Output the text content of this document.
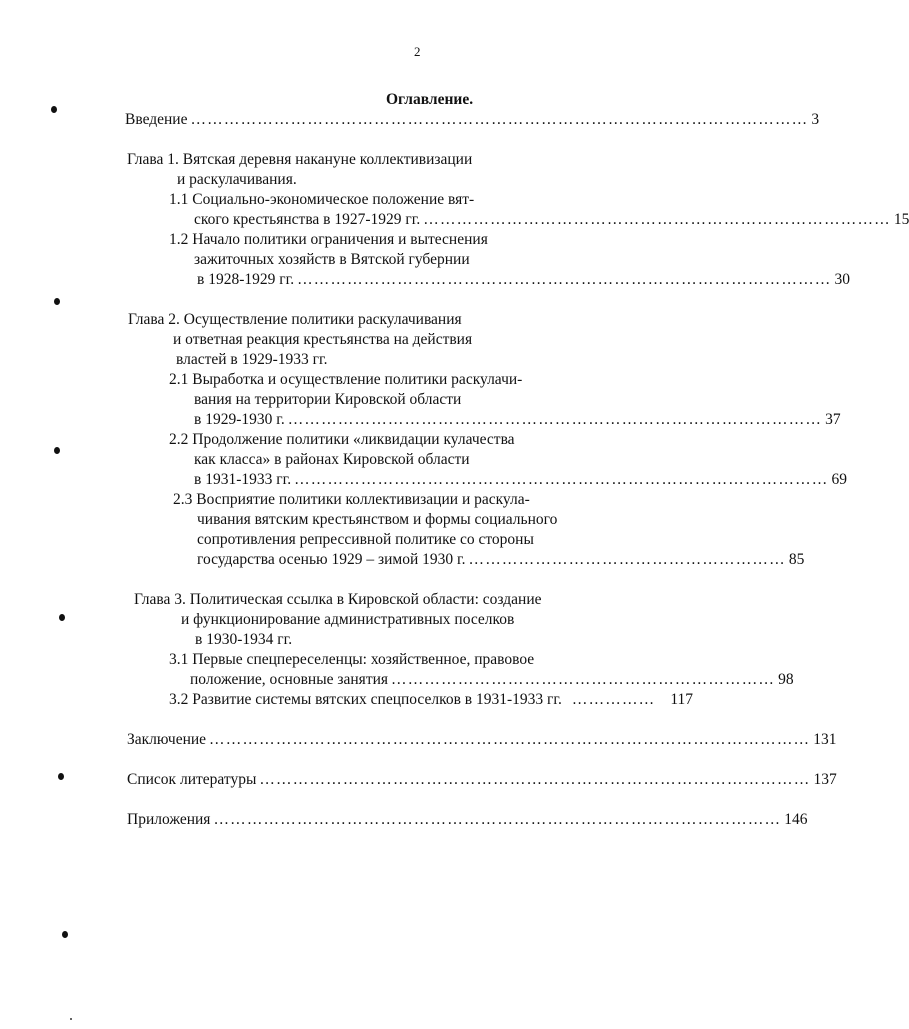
2
Оглавление.
Введение ………………………………………………………………………………………………… 3
Глава 1. Вятская деревня накануне коллективизации
и раскулачивания.
1.1 Социально-экономическое положение вят-
ского крестьянства в 1927-1929 гг. ………………………………………………………………………… 15
1.2 Начало политики ограничения и вытеснения
зажиточных хозяйств в Вятской губернии
в 1928-1929 гг. …………………………………………………………………………………… 30
Глава 2. Осуществление политики раскулачивания
и ответная реакция крестьянства на действия
властей в 1929-1933 гг.
2.1 Выработка и осуществление политики раскулачи-
вания на территории Кировской области
в 1929-1930 г. …………………………………………………………………………………… 37
2.2 Продолжение политики «ликвидации кулачества
как класса» в районах Кировской области
в 1931-1933 гг. …………………………………………………………………………………… 69
2.3 Восприятие политики коллективизации и раскула-
чивания вятским крестьянством и формы социального
сопротивления репрессивной политике со стороны
государства осенью 1929 – зимой 1930 г. ………………………………………………… 85
Глава 3. Политическая ссылка в Кировской области: создание
и функционирование административных поселков
в 1930-1934 гг.
3.1 Первые спецпереселенцы: хозяйственное, правовое
положение, основные занятия …………………………………………………………… 98
3.2 Развитие системы вятских спецпоселков в 1931-1933 гг. …………… 117
Заключение ……………………………………………………………………………………………… 131
Список литературы ……………………………………………………………………………………… 137
Приложения ………………………………………………………………………………………… 146
